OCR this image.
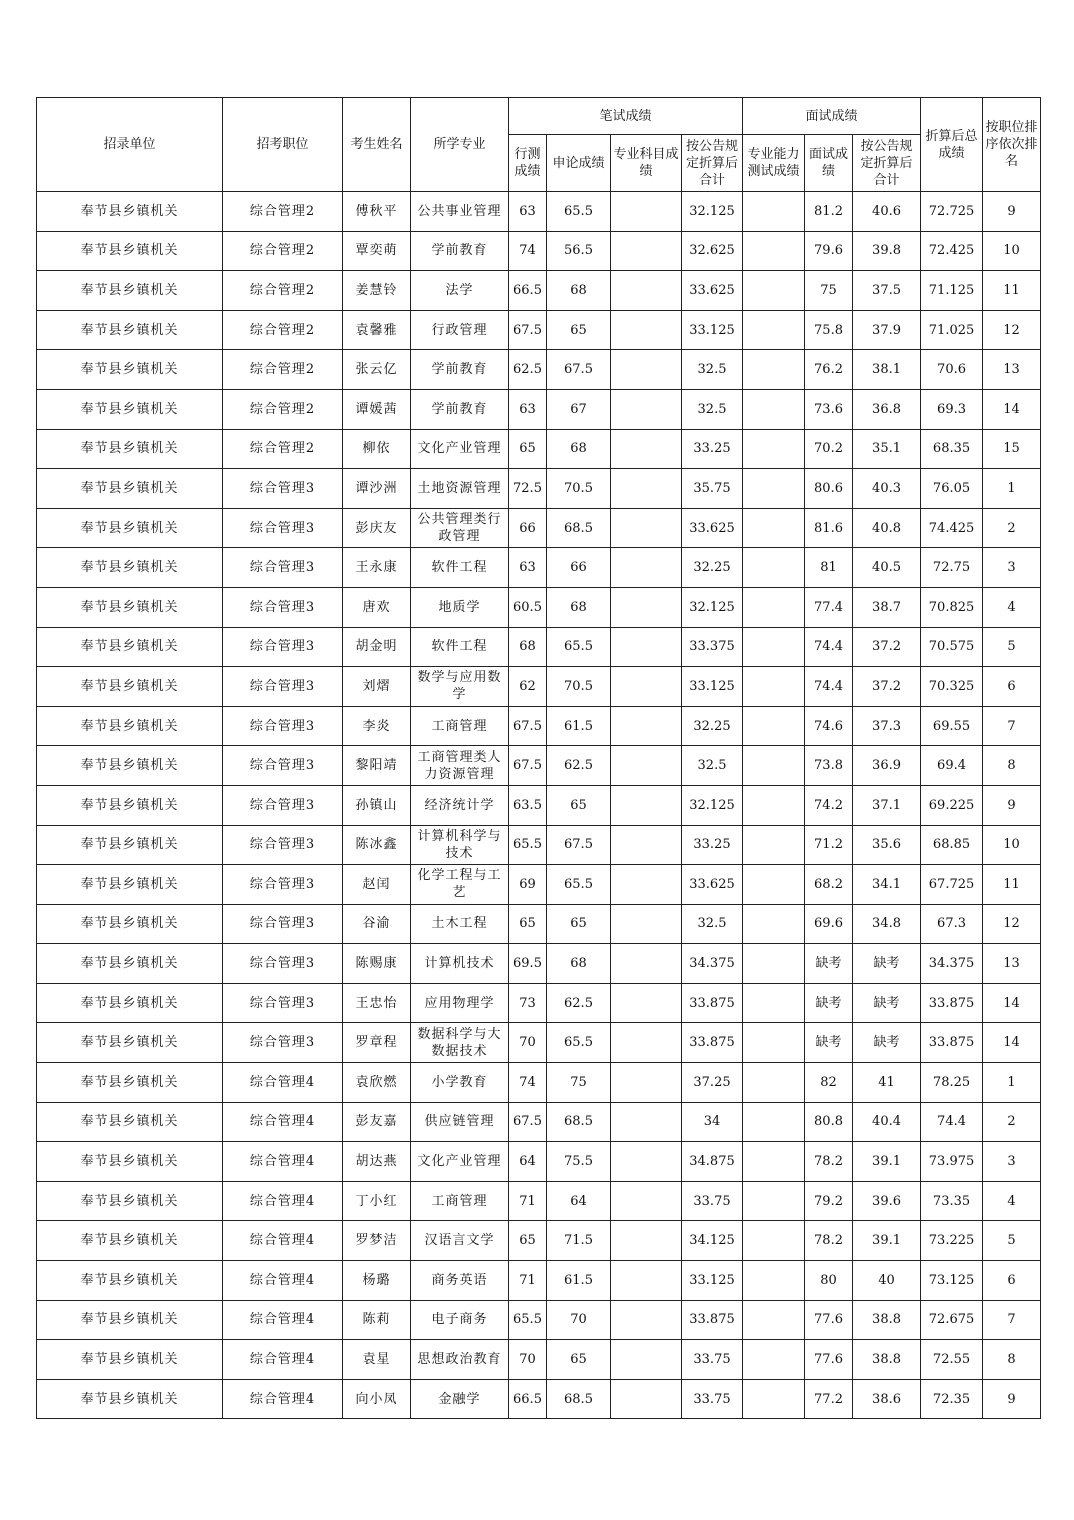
招录单位	招考职位	考生姓名	所学专业	笔试成绩				面试成绩			折算后总成绩	按职位排序依次排名
				行测成绩	申论成绩	专业科目成绩	按公告规定折算后合计	专业能力测试成绩	面试成绩	按公告规定折算后合计		
奉节县乡镇机关	综合管理2	傅秋平	公共事业管理	63	65.5		32.125		81.2	40.6	72.725	9
奉节县乡镇机关	综合管理2	覃奕萌	学前教育	74	56.5		32.625		79.6	39.8	72.425	10
奉节县乡镇机关	综合管理2	姜慧铃	法学	66.5	68		33.625		75	37.5	71.125	11
奉节县乡镇机关	综合管理2	袁馨雅	行政管理	67.5	65		33.125		75.8	37.9	71.025	12
奉节县乡镇机关	综合管理2	张云亿	学前教育	62.5	67.5		32.5		76.2	38.1	70.6	13
奉节县乡镇机关	综合管理2	谭媛茜	学前教育	63	67		32.5		73.6	36.8	69.3	14
奉节县乡镇机关	综合管理2	柳依	文化产业管理	65	68		33.25		70.2	35.1	68.35	15
奉节县乡镇机关	综合管理3	谭沙洲	土地资源管理	72.5	70.5		35.75		80.6	40.3	76.05	1
奉节县乡镇机关	综合管理3	彭庆友	公共管理类行政管理	66	68.5		33.625		81.6	40.8	74.425	2
奉节县乡镇机关	综合管理3	王永康	软件工程	63	66		32.25		81	40.5	72.75	3
奉节县乡镇机关	综合管理3	唐欢	地质学	60.5	68		32.125		77.4	38.7	70.825	4
奉节县乡镇机关	综合管理3	胡金明	软件工程	68	65.5		33.375		74.4	37.2	70.575	5
奉节县乡镇机关	综合管理3	刘熠	数学与应用数学	62	70.5		33.125		74.4	37.2	70.325	6
奉节县乡镇机关	综合管理3	李炎	工商管理	67.5	61.5		32.25		74.6	37.3	69.55	7
奉节县乡镇机关	综合管理3	黎阳靖	工商管理类人力资源管理	67.5	62.5		32.5		73.8	36.9	69.4	8
奉节县乡镇机关	综合管理3	孙镇山	经济统计学	63.5	65		32.125		74.2	37.1	69.225	9
奉节县乡镇机关	综合管理3	陈冰鑫	计算机科学与技术	65.5	67.5		33.25		71.2	35.6	68.85	10
奉节县乡镇机关	综合管理3	赵闰	化学工程与工艺	69	65.5		33.625		68.2	34.1	67.725	11
奉节县乡镇机关	综合管理3	谷渝	土木工程	65	65		32.5		69.6	34.8	67.3	12
奉节县乡镇机关	综合管理3	陈赐康	计算机技术	69.5	68		34.375		缺考	缺考	34.375	13
奉节县乡镇机关	综合管理3	王忠怡	应用物理学	73	62.5		33.875		缺考	缺考	33.875	14
奉节县乡镇机关	综合管理3	罗章程	数据科学与大数据技术	70	65.5		33.875		缺考	缺考	33.875	14
奉节县乡镇机关	综合管理4	袁欣燃	小学教育	74	75		37.25		82	41	78.25	1
奉节县乡镇机关	综合管理4	彭友嘉	供应链管理	67.5	68.5		34		80.8	40.4	74.4	2
奉节县乡镇机关	综合管理4	胡达燕	文化产业管理	64	75.5		34.875		78.2	39.1	73.975	3
奉节县乡镇机关	综合管理4	丁小红	工商管理	71	64		33.75		79.2	39.6	73.35	4
奉节县乡镇机关	综合管理4	罗梦洁	汉语言文学	65	71.5		34.125		78.2	39.1	73.225	5
奉节县乡镇机关	综合管理4	杨璐	商务英语	71	61.5		33.125		80	40	73.125	6
奉节县乡镇机关	综合管理4	陈莉	电子商务	65.5	70		33.875		77.6	38.8	72.675	7
奉节县乡镇机关	综合管理4	袁星	思想政治教育	70	65		33.75		77.6	38.8	72.55	8
奉节县乡镇机关	综合管理4	向小凤	金融学	66.5	68.5		33.75		77.2	38.6	72.35	9
